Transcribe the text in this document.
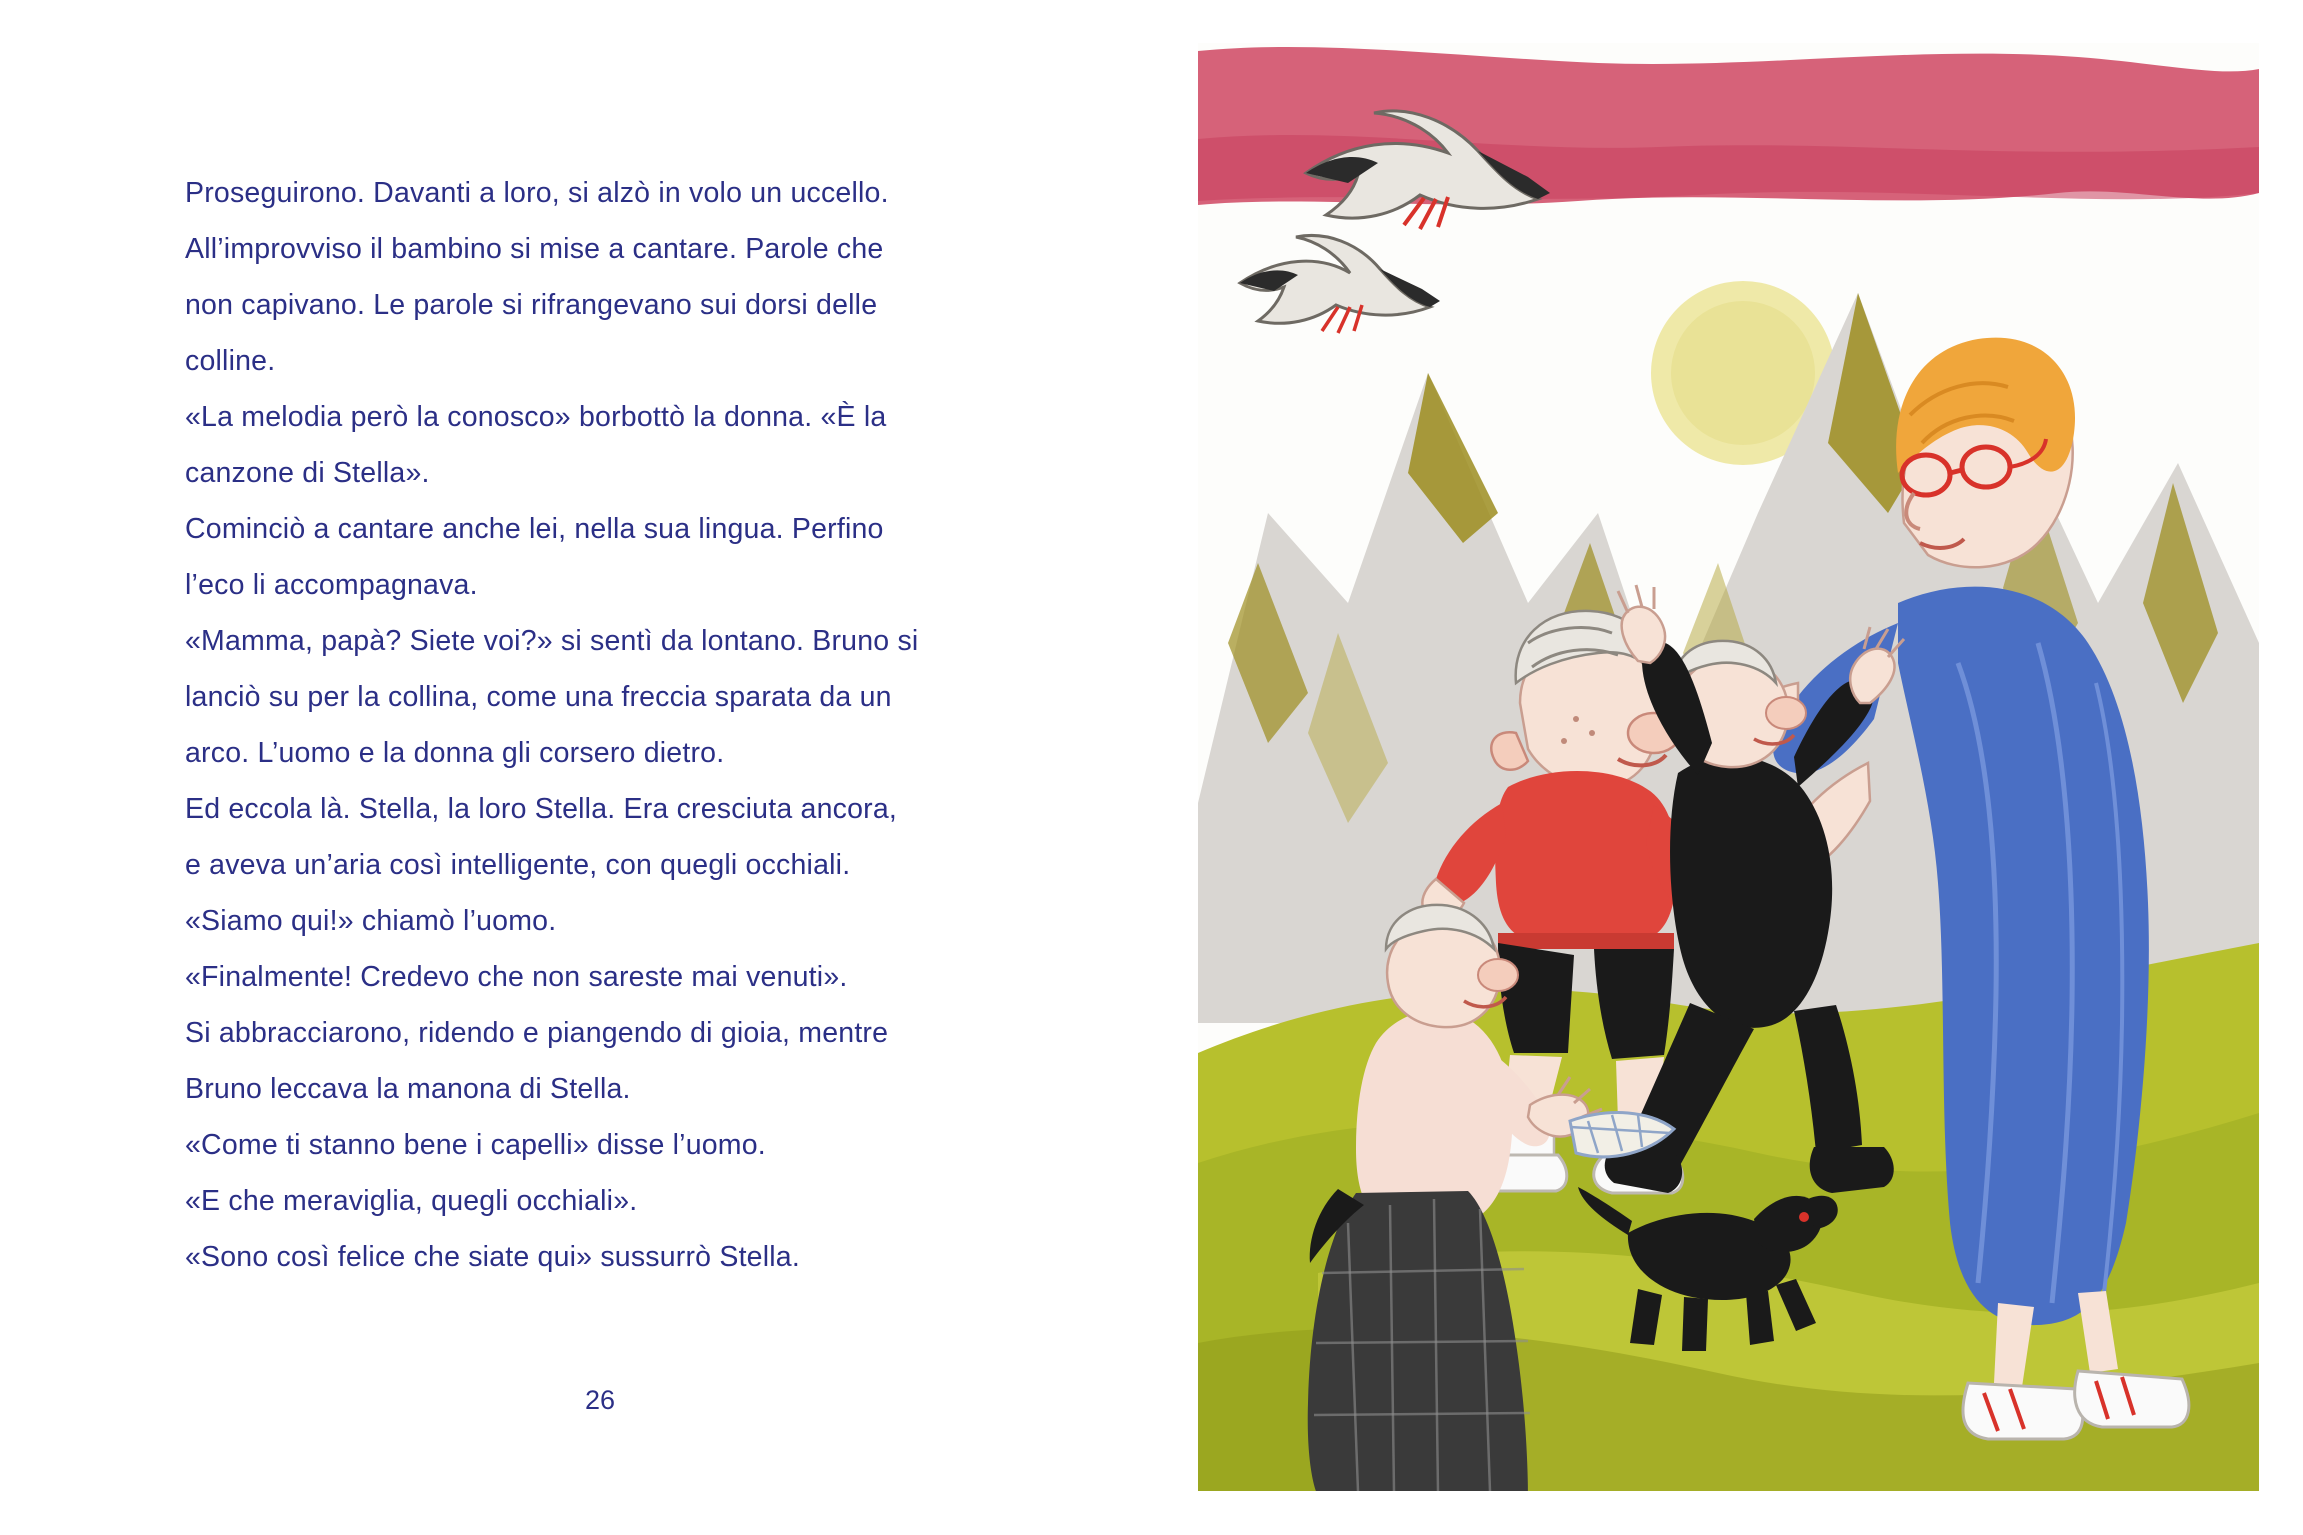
Proseguirono. Davanti a loro, si alzò in volo un uccello.
All’improvviso il bambino si mise a cantare. Parole che
non capivano. Le parole si rifrangevano sui dorsi delle
colline.
«La melodia però la conosco» borbottò la donna. «È la
canzone di Stella».
Cominciò a cantare anche lei, nella sua lingua. Perfino
l’eco li accompagnava.

«Mamma, papà? Siete voi?» si sentì da lontano. Bruno si
lanciò su per la collina, come una freccia sparata da un
arco. L’uomo e la donna gli corsero dietro.
Ed eccola là. Stella, la loro Stella. Era cresciuta ancora,
e aveva un’aria così intelligente, con quegli occhiali.
«Siamo qui!» chiamò l’uomo.
«Finalmente! Credevo che non sareste mai venuti».
Si abbracciarono, ridendo e piangendo di gioia, mentre
Bruno leccava la manona di Stella.
«Come ti stanno bene i capelli» disse l’uomo.
«E che meraviglia, quegli occhiali».
«Sono così felice che siate qui» sussurrò Stella.

26
